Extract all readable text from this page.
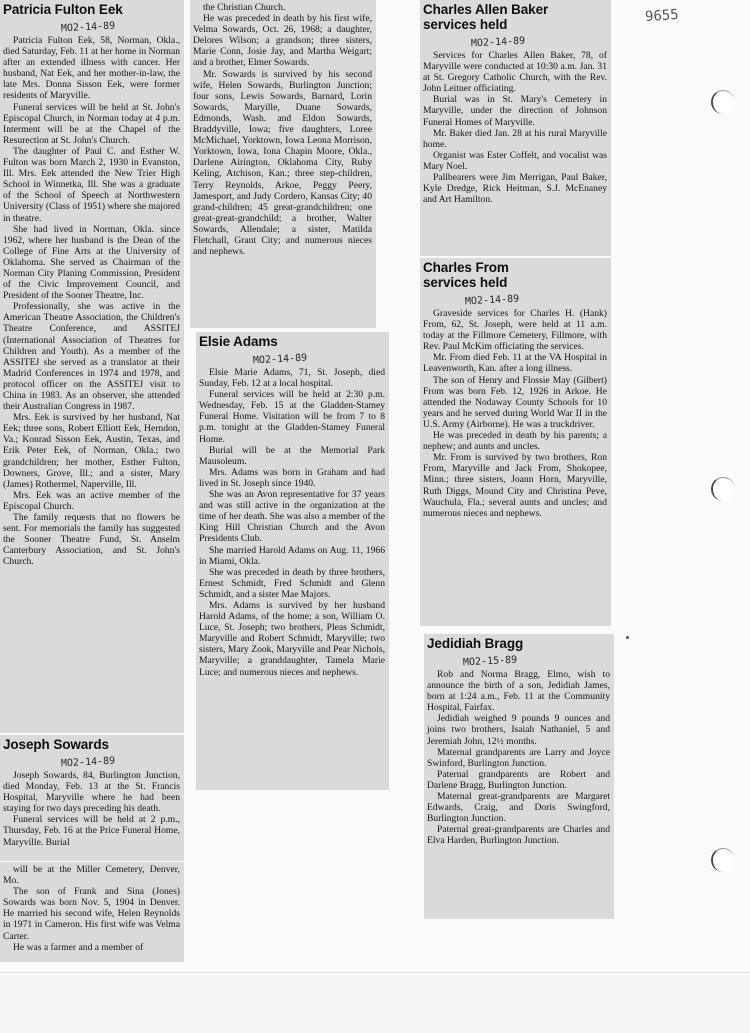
9655
Patricia Fulton Eek
MO2-14-89

Patricia Fulton Eek, 58, Norman, Okla., died Saturday, Feb. 11 at her home in Norman after an extended illness with cancer. Her husband, Nat Eek, and her mother-in-law, the late Mrs. Donna Sisson Eek, were former residents of Maryville.

Funeral services will be held at St. John's Episcopal Church, in Norman today at 4 p.m. Interment will be at the Chapel of the Resurection at St. John's Church.

The daughter of Paul C. and Esther W. Fulton was born March 2, 1930 in Evanston, Ill. Mrs. Eek attended the New Trier High School in Winnetka, Ill. She was a graduate of the School of Speech at Northwestern University (Class of 1951) where she majored in theatre.

She had lived in Norman, Okla. since 1962, where her husband is the Dean of the College of Fine Arts at the University of Oklahoma. She served as Chairman of the Norman City Planing Commission, President of the Civic Improvement Council, and President of the Sooner Theatre, Inc.

Professionally, she was active in the American Theatre Association, the Children's Theatre Conference, and ASSITEJ (International Association of Theatres for Children and Youth). As a member of the ASSITEJ she served as a translator at their Madrid Conferences in 1974 and 1978, and protocol officer on the ASSITEJ visit to China in 1983. As an observer, she attended their Australian Congress in 1987.

Mrs. Eek is survived by her husband, Nat Eek; three sons, Robert Elliott Eek, Herndon, Va.; Konrad Sisson Eek, Austin, Texas, and Erik Peter Eek, of Norman, Okla.; two grandchildren; her mother, Esther Fulton, Downers, Grove, Ill.; and a sister, Mary (James) Rothermel, Naperville, Ill.

Mrs. Eek was an active member of the Episcopal Church.

The family requests that no flowers be sent. For memorials the family has suggested the Sooner Theatre Fund, St. Anselm Canterbury Association, and St. John's Church.

Joseph Sowards
MO2-14-89

Joseph Sowards, 84, Burlington Junction, died Monday, Feb. 13 at the St. Francis Hospital, Maryville where he had been staying for two days preceding his death.

Funeral services will be held at 2 p.m., Thursday, Feb. 16 at the Price Funeral Home, Maryville. Burial

will be at the Miller Cemetery, Denver, Mo.

The son of Frank and Sina (Jones) Sowards was born Nov. 5, 1904 in Denver. He married his second wife, Helen Reynolds in 1971 in Cameron. His first wife was Velma Carter.

He was a farmer and a member of

the Christian Church.

He was preceded in death by his first wife, Velma Sowards, Oct. 26, 1968; a daughter, Delores Wilson; a grandson; three sisters, Marie Conn, Josie Jay, and Martha Weigart; and a brother, Elmer Sowards.

Mr. Sowards is survived by his second wife, Helen Sowards, Burlington Junction; four sons, Lewis Sowards, Barnard, Lorin Sowards, Maryille, Duane Sowards, Edmonds, Wash. and Eldon Sowards, Braddyville, Iowa; five daughters, Loree McMichael, Yorktown, Iowa Leona Morrison, Yorktown, Iowa, Iona Chapin Moore, Okla., Darlene Airington, Oklahoma City, Ruby Keling, Atchison, Kan.; three step-children, Terry Reynolds, Arkoe, Peggy Peery, Jamesport, and Judy Cordero, Kansas City; 40 grand-children; 45 great-grandchildren; one great-great-grandchild; a brother, Walter Sowards, Allendale; a sister, Matilda Fletchall, Grant City; and numerous nieces and nephews.

Elsie Adams
MO2-14-89

Elsie Marie Adams, 71, St. Joseph, died Sunday, Feb. 12 at a local hospital.

Funeral services will be held at 2:30 p.m. Wednesday, Feb. 15 at the Gladden-Stamey Funeral Home. Visitation will be from 7 to 8 p.m. tonight at the Gladden-Stamey Funeral Home.

Burial will be at the Memorial Park Mausoleum.

Mrs. Adams was born in Graham and had lived in St. Joseph since 1940.

She was an Avon representative for 37 years and was still active in the organization at the time of her death. She was also a member of the King Hill Christian Church and the Avon Presidents Club.

She married Harold Adams on Aug. 11, 1966 in Miami, Okla.

She was preceded in death by three brothers, Ernest Schmidt, Fred Schmidt and Glenn Schmidt, and a sister Mae Majors.

Mrs. Adams is survived by her husband Harold Adams, of the home; a son, William O. Luce, St. Joseph; two brothers, Pleas Schmidt, Maryville and Robert Schmidt, Maryville; two sisters, Mary Zook, Maryville and Pear Nichols, Maryville; a granddaughter, Tamela Marie Luce; and numerous nieces and nephews.

Charles Allen Baker services held
MO2-14-89

Services for Charles Allen Baker, 78, of Maryville were conducted at 10:30 a.m. Jan. 31 at St. Gregory Catholic Church, with the Rev. John Leitner officiating.

Burial was in St. Mary's Cemetery in Maryville, under the direction of Johnson Funeral Homes of Maryville.

Mr. Baker died Jan. 28 at his rural Maryville home.

Organist was Ester Coffelt, and vocalist was Mary Noel.

Pallbearers were Jim Merrigan, Paul Baker, Kyle Dredge, Rick Heitman, S.J. McEnaney and Art Hamilton.

Charles From services held
MO2-14-89

Graveside services for Charles H. (Hank) From, 62, St. Joseph, were held at 11 a.m. today at the Fillmore Cemetery, Fillmore, with Rev. Paul McKim officiating the services.

Mr. From died Feb. 11 at the VA Hospital in Leavenworth, Kan. after a long illness.

The son of Henry and Flossie May (Gilbert) From was born Feb. 12, 1926 in Arkoe. He attended the Nodaway County Schools for 10 years and he served during World War II in the U.S. Army (Airborne). He was a truckdriver.

He was preceded in death by his parents; a nephew; and aunts and uncles.

Mr. From is survived by two brothers, Ron From, Maryville and Jack From, Shokopee, Minn.; three sisters, Joann Horn, Maryville, Ruth Diggs, Mound City and Christina Peve, Wauchula, Fla.; several aunts and uncles; and numerous nieces and nephews.

Jedidiah Bragg
MO2-15-89

Rob and Norma Bragg, Elmo, wish to announce the birth of a son, Jedidiah James, born at 1:24 a.m., Feb. 11 at the Community Hospital, Fairfax.

Jedidiah weighed 9 pounds 9 ounces and joins two brothers, Isaiah Nathaniel, 5 and Jeremiah John, 12½ months.

Maternal grandparents are Larry and Joyce Swinford, Burlington Junction.

Paternal grandparents are Robert and Darlene Bragg, Burlington Junction.

Maternal great-grandparents are Margaret Edwards, Craig, and Doris Swingford, Burlington Junction.

Paternal great-grandparents are Charles and Elva Harden, Burlington Junction.
